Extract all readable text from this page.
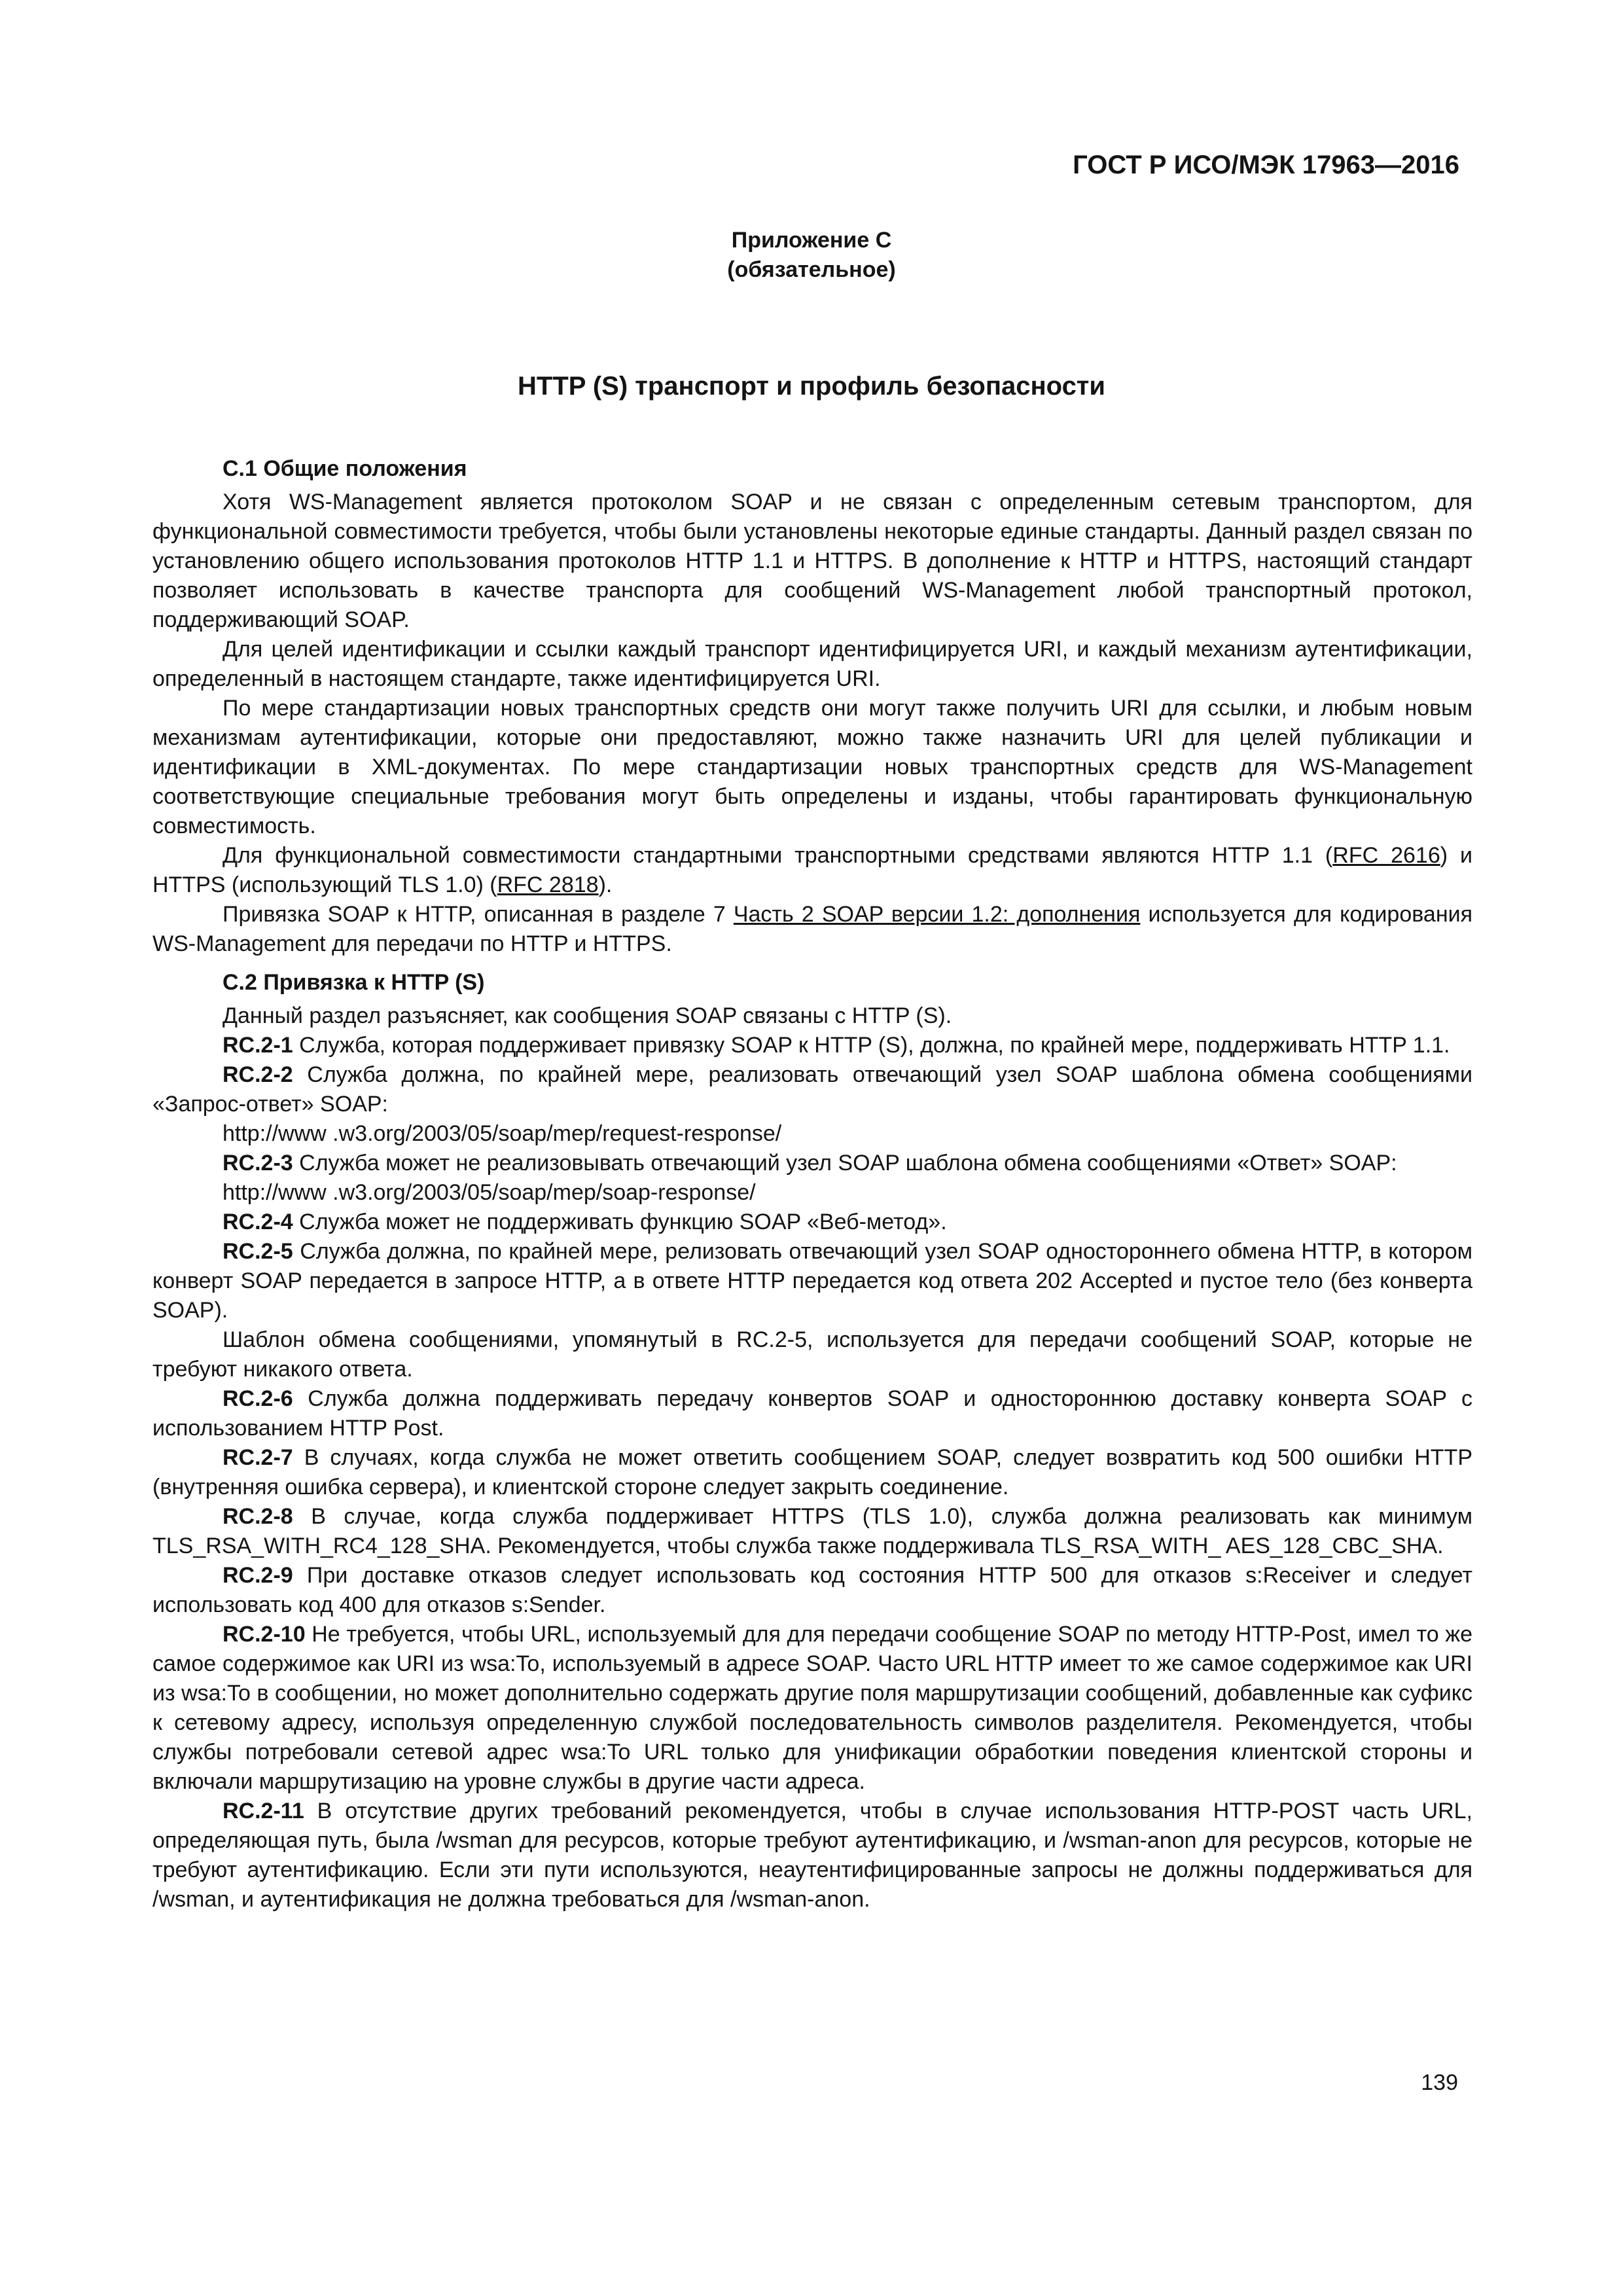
ГОСТ Р ИСО/МЭК 17963—2016
Приложение С
(обязательное)
HTTP (S) транспорт и профиль безопасности
С.1 Общие положения

Хотя WS-Management является протоколом SOAP и не связан с определенным сетевым транспортом, для функциональной совместимости требуется, чтобы были установлены некоторые единые стандарты. Данный раздел связан по установлению общего использования протоколов HTTP 1.1 и HTTPS. В дополнение к HTTP и HTTPS, настоящий стандарт позволяет использовать в качестве транспорта для сообщений WS-Management любой транспортный протокол, поддерживающий SOAP.

Для целей идентификации и ссылки каждый транспорт идентифицируется URI, и каждый механизм аутентификации, определенный в настоящем стандарте, также идентифицируется URI.

По мере стандартизации новых транспортных средств они могут также получить URI для ссылки, и любым новым механизмам аутентификации, которые они предоставляют, можно также назначить URI для целей публикации и идентификации в XML-документах. По мере стандартизации новых транспортных средств для WS-Management соответствующие специальные требования могут быть определены и изданы, чтобы гарантировать функциональную совместимость.

Для функциональной совместимости стандартными транспортными средствами являются HTTP 1.1 (RFC 2616) и HTTPS (использующий TLS 1.0) (RFC 2818).

Привязка SOAP к HTTP, описанная в разделе 7 Часть 2 SOAP версии 1.2: дополнения используется для кодирования WS-Management для передачи по HTTP и HTTPS.

С.2 Привязка к HTTP (S)

Данный раздел разъясняет, как сообщения SOAP связаны с HTTP (S).

RC.2-1 Служба, которая поддерживает привязку SOAP к HTTP (S), должна, по крайней мере, поддерживать HTTP 1.1.

RC.2-2 Служба должна, по крайней мере, реализовать отвечающий узел SOAP шаблона обмена сообщениями «Запрос-ответ» SOAP:

http://www .w3.org/2003/05/soap/mep/request-response/

RC.2-3 Служба может не реализовывать отвечающий узел SOAP шаблона обмена сообщениями «Ответ» SOAP:

http://www .w3.org/2003/05/soap/mep/soap-response/

RC.2-4 Служба может не поддерживать функцию SOAP «Веб-метод».

RC.2-5 Служба должна, по крайней мере, релизовать отвечающий узел SOAP одностороннего обмена HTTP, в котором конверт SOAP передается в запросе HTTP, а в ответе HTTP передается код ответа 202 Accepted и пустое тело (без конверта SOAP).

Шаблон обмена сообщениями, упомянутый в RC.2-5, используется для передачи сообщений SOAP, которые не требуют никакого ответа.

RC.2-6 Служба должна поддерживать передачу конвертов SOAP и одностороннюю доставку конверта SOAP с использованием HTTP Post.

RC.2-7 В случаях, когда служба не может ответить сообщением SOAP, следует возвратить код 500 ошибки HTTP (внутренняя ошибка сервера), и клиентской стороне следует закрыть соединение.

RC.2-8 В случае, когда служба поддерживает HTTPS (TLS 1.0), служба должна реализовать как минимум TLS_RSA_WITH_RC4_128_SHA. Рекомендуется, чтобы служба также поддерживала TLS_RSA_WITH_ AES_128_CBC_SHA.

RC.2-9 При доставке отказов следует использовать код состояния HTTP 500 для отказов s:Receiver и следует использовать код 400 для отказов s:Sender.

RC.2-10 Не требуется, чтобы URL, используемый для для передачи сообщение SOAP по методу HTTP-Post, имел то же самое содержимое как URI из wsa:To, используемый в адресе SOAP. Часто URL HTTP имеет то же самое содержимое как URI из wsa:To в сообщении, но может дополнительно содержать другие поля маршрутизации сообщений, добавленные как суфикс к сетевому адресу, используя определенную службой последовательность символов разделителя. Рекомендуется, чтобы службы потребовали сетевой адрес wsa:To URL только для унификации обработкии поведения клиентской стороны и включали маршрутизацию на уровне службы в другие части адреса.

RC.2-11 В отсутствие других требований рекомендуется, чтобы в случае использования HTTP-POST часть URL, определяющая путь, была /wsman для ресурсов, которые требуют аутентификацию, и /wsman-anon для ресурсов, которые не требуют аутентификацию. Если эти пути используются, неаутентифицированные запросы не должны поддерживаться для /wsman, и аутентификация не должна требоваться для /wsman-anon.

139
